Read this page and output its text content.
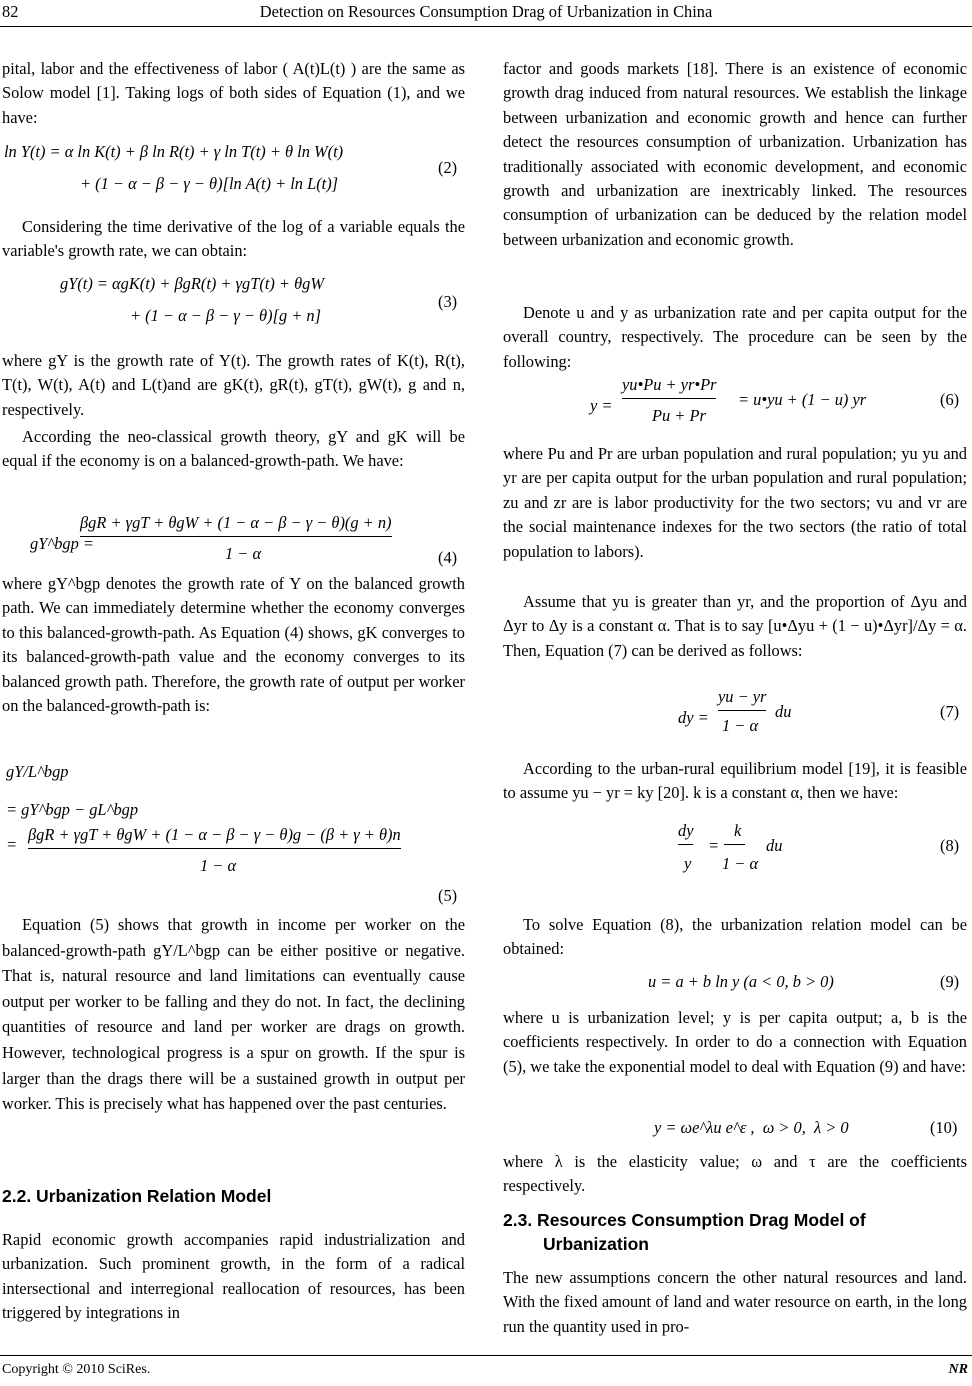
82	Detection on Resources Consumption Drag of Urbanization in China
pital, labor and the effectiveness of labor ( A(t)L(t) ) are the same as Solow model [1]. Taking logs of both sides of Equation (1), and we have:
ln Y(t) = α ln K(t) + β ln R(t) + γ ln T(t) + θ ln W(t)
+ (1 − α − β − γ − θ)[ln A(t) + ln L(t)]
(2)
Considering the time derivative of the log of a variable equals the variable's growth rate, we can obtain:
gY(t) = αgK(t) + βgR(t) + γgT(t) + θgW
+ (1 − α − β − γ − θ)[g + n]
(3)
where gY is the growth rate of Y(t). The growth rates of K(t), R(t), T(t), W(t), A(t) and L(t)and are gK(t), gR(t), gT(t), gW(t), g and n, respectively.
According the neo-classical growth theory, gY and gK will be equal if the economy is on a balanced-growth-path. We have:
gY^bgp =
βgR + γgT + θgW + (1 − α − β − γ − θ)(g + n)
1 − α	(4)
where gY^bgp denotes the growth rate of Y on the balanced growth path. We can immediately determine whether the economy converges to this balanced-growth-path. As Equation (4) shows, gK converges to its balanced-growth-path value and the economy converges to its balanced growth path. Therefore, the growth rate of output per worker on the balanced-growth-path is:
gY/L^bgp
= gY^bgp − gL^bgp
=
βgR + γgT + θgW + (1 − α − β − γ − θ)g − (β + γ + θ)n
1 − α
(5)
Equation (5) shows that growth in income per worker on the balanced-growth-path gY/L^bgp can be either positive or negative. That is, natural resource and land limitations can eventually cause output per worker to be falling and they do not. In fact, the declining quantities of resource and land per worker are drags on growth. However, technological progress is a spur on growth. If the spur is larger than the drags there will be a sustained growth in output per worker. This is precisely what has happened over the past centuries.
2.2. Urbanization Relation Model
Rapid economic growth accompanies rapid industrialization and urbanization. Such prominent growth, in the form of a radical intersectional and interregional reallocation of resources, has been triggered by integrations in
factor and goods markets [18]. There is an existence of economic growth drag induced from natural resources. We establish the linkage between urbanization and economic growth and hence can further detect the resources consumption of urbanization. Urbanization has traditionally associated with economic development, and economic growth and urbanization are inextricably linked. The resources consumption of urbanization can be deduced by the relation model between urbanization and economic growth.
Denote u and y as urbanization rate and per capita output for the overall country, respectively. The procedure can be seen by the following:
y =
yu•Pu + yr•Pr
Pu + Pr
= u•yu + (1 − u) yr	(6)
where Pu and Pr are urban population and rural population; yu yu and yr are per capita output for the urban population and rural population; zu and zr are is labor productivity for the two sectors; vu and vr are the social maintenance indexes for the two sectors (the ratio of total population to labors).
Assume that yu is greater than yr, and the proportion of Δyu and Δyr to Δy is a constant α. That is to say [u•Δyu + (1 − u)•Δyr]/Δy = α. Then, Equation (7) can be derived as follows:
dy =
yu − yr
1 − α
du	(7)
According to the urban-rural equilibrium model [19], it is feasible to assume yu − yr = ky [20]. k is a constant α, then we have:
dy
y
=
k
1 − α
du	(8)
To solve Equation (8), the urbanization relation model can be obtained:
u = a + b ln y (a < 0, b > 0)	(9)
where u is urbanization level; y is per capita output; a, b is the coefficients respectively. In order to do a connection with Equation (5), we take the exponential model to deal with Equation (9) and have:
y = ωe^λu e^ε ,  ω > 0,  λ > 0	(10)
where λ is the elasticity value; ω and τ are the coefficients respectively.
2.3. Resources Consumption Drag Model of
Urbanization
The new assumptions concern the other natural resources and land. With the fixed amount of land and water resource on earth, in the long run the quantity used in pro-
Copyright © 2010 SciRes.	NR
